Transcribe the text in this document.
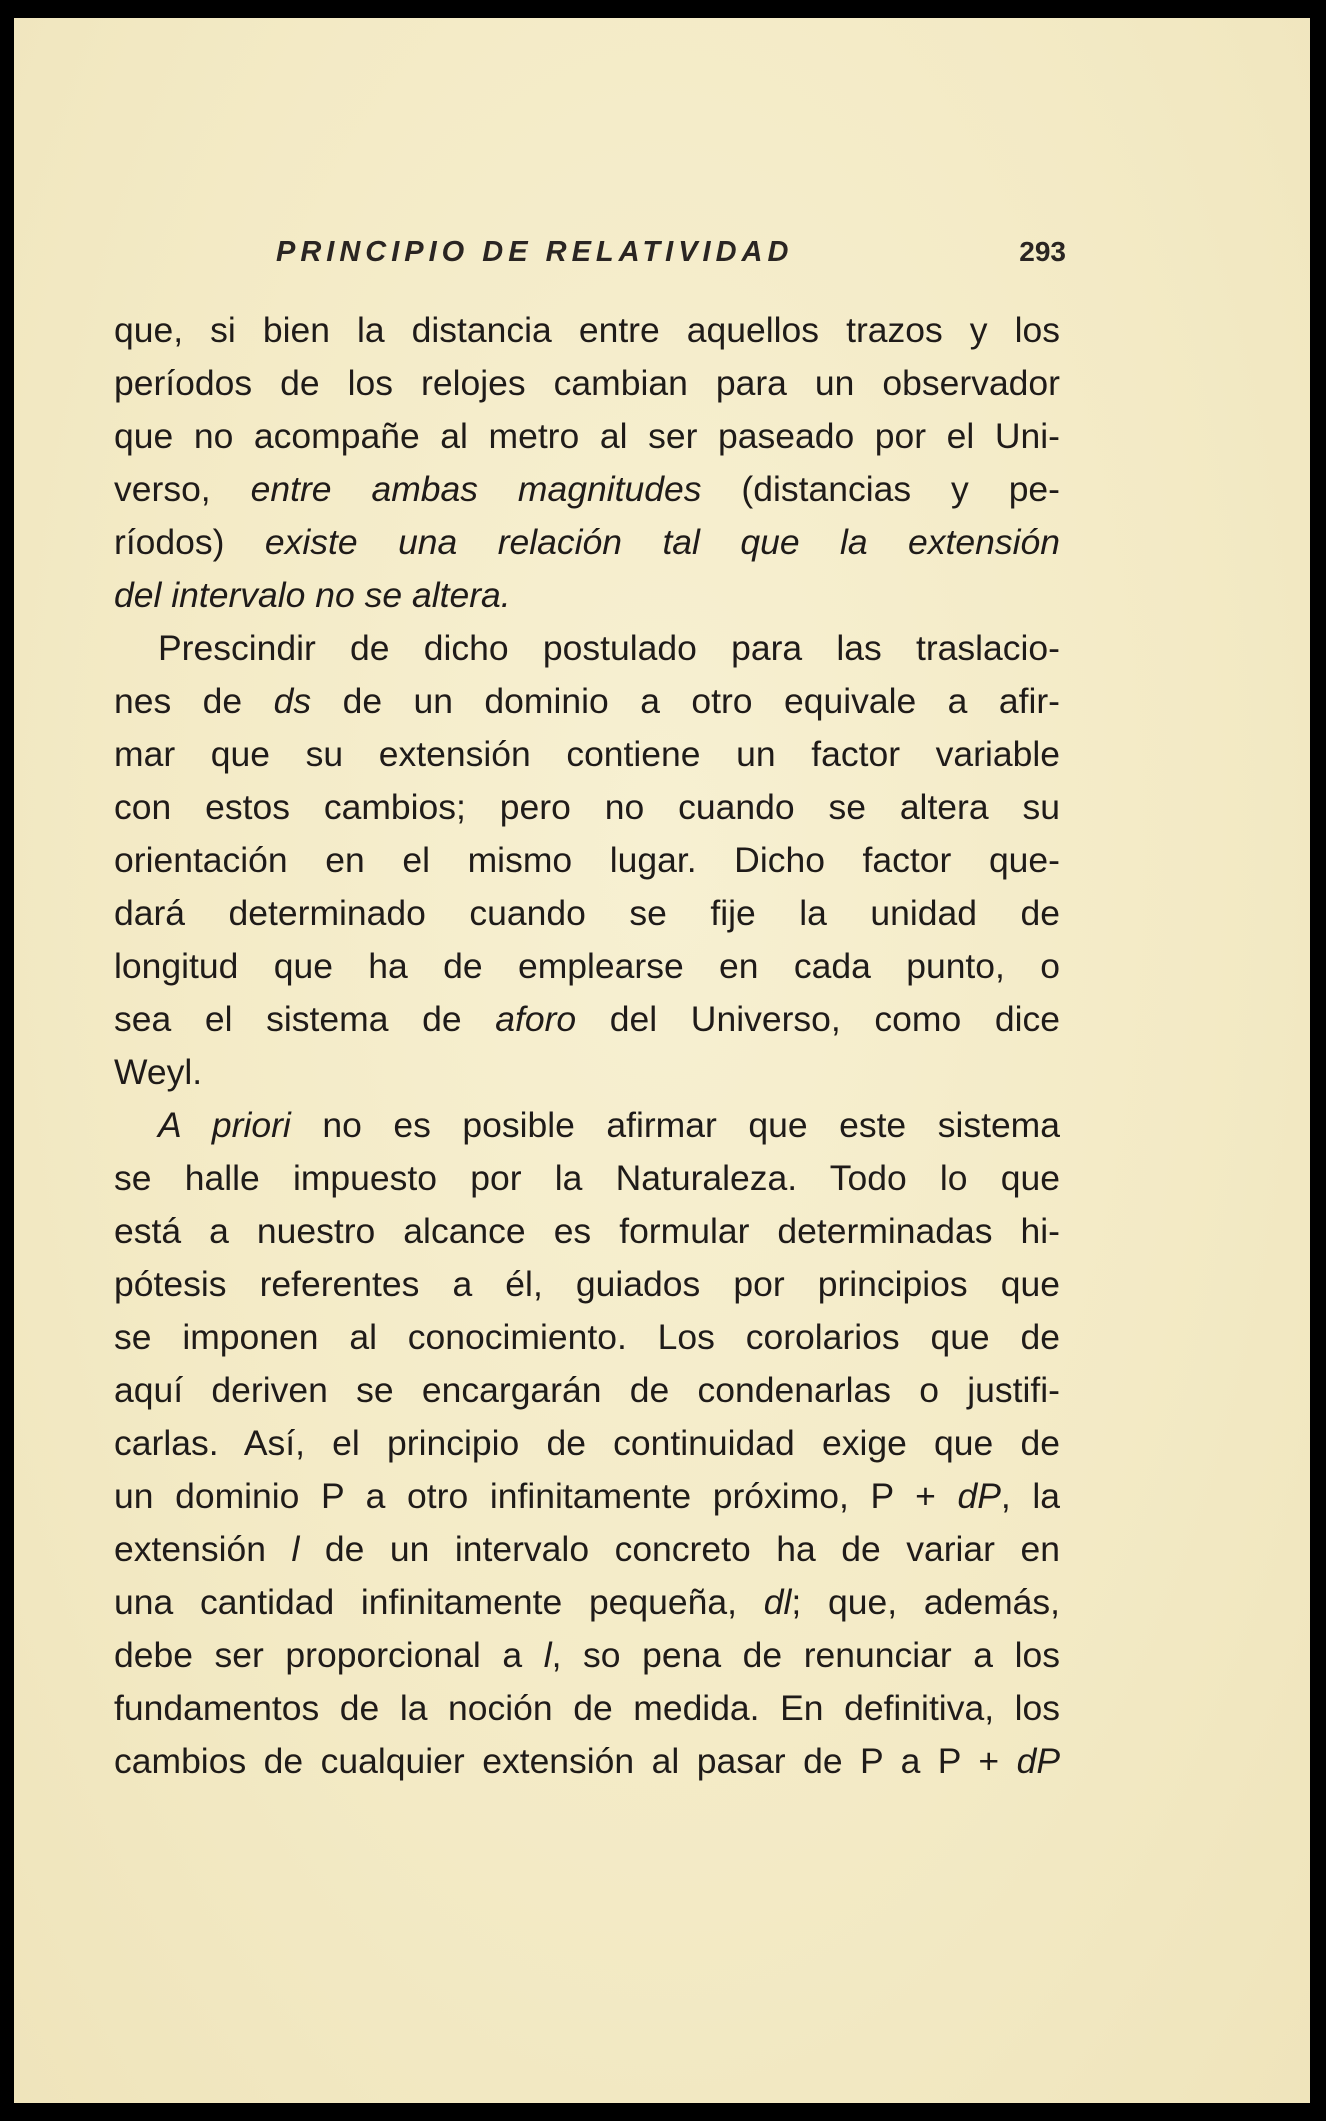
PRINCIPIO DE RELATIVIDAD	293
que, si bien la distancia entre aquellos trazos y los
períodos de los relojes cambian para un observador
que no acompañe al metro al ser paseado por el Uni-
verso, entre ambas magnitudes (distancias y pe-
ríodos) existe una relación tal que la extensión
del intervalo no se altera.
Prescindir de dicho postulado para las traslacio-
nes de ds de un dominio a otro equivale a afir-
mar que su extensión contiene un factor variable
con estos cambios; pero no cuando se altera su
orientación en el mismo lugar. Dicho factor que-
dará determinado cuando se fije la unidad de
longitud que ha de emplearse en cada punto, o
sea el sistema de aforo del Universo, como dice
Weyl.
A priori no es posible afirmar que este sistema
se halle impuesto por la Naturaleza. Todo lo que
está a nuestro alcance es formular determinadas hi-
pótesis referentes a él, guiados por principios que
se imponen al conocimiento. Los corolarios que de
aquí deriven se encargarán de condenarlas o justifi-
carlas. Así, el principio de continuidad exige que de
un dominio P a otro infinitamente próximo, P + dP, la
extensión l de un intervalo concreto ha de variar en
una cantidad infinitamente pequeña, dl; que, además,
debe ser proporcional a l, so pena de renunciar a los
fundamentos de la noción de medida. En definitiva, los
cambios de cualquier extensión al pasar de P a P + dP
